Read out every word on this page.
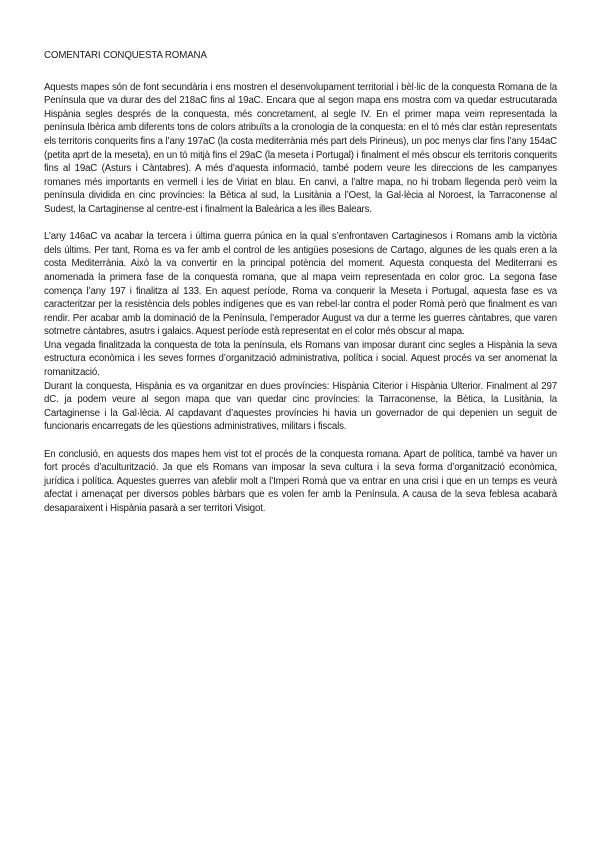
COMENTARI CONQUESTA ROMANA

Aquests mapes són de font secundària i ens mostren el desenvolupament territorial i bèl·lic de la conquesta Romana de la Península que va durar des del 218aC fins al 19aC. Encara que al segon mapa ens mostra com va quedar estrucutarada Hispània segles després de la conquesta, més concretament, al segle IV. En el primer mapa veim representada la península Ibèrica amb diferents tons de colors atribuïts a la cronologia de la conquesta: en el tó més clar estàn representats els territoris conquerits fins a l’any 197aC (la costa mediterrània més part dels Pirineus), un poc menys clar fins l’any 154aC (petita aprt de la meseta), en un tó mitjà fins el 29aC (la meseta i Portugal) i finalment el més obscur els territoris conquerits fins al 19aC (Asturs i Càntabres). A més d’aquesta informació, també podem veure les direccions de les campanyes romanes més importants en vermell i les de Viriat en blau. En canvi, a l’altre mapa, no hi trobam llegenda però veim la península dividida en cinc províncies: la Bètica al sud, la Lusitània a l’Oest, la Gal·lècia al Noroest, la Tarraconense al Sudest, la Cartaginense al centre-est i finalment la Baleàrica a les illes Balears.

L’any 146aC va acabar la tercera i última guerra púnica en la qual s’enfrontaven Cartaginesos i Romans amb la victòria dels últims. Per tant, Roma es va fer amb el control de les antigües posesions de Cartago, algunes de les quals eren a la costa Mediterrània. Això la va convertir en la principal potència del moment. Aquesta conquesta del Mediterrani es anomenada la primera fase de la conquesta romana, que al mapa veim representada en color groc. La segona fase comença l’any 197 i finalitza al 133. En aquest període, Roma va conquerir la Meseta i Portugal, aquesta fase es va caracteritzar per la resistència dels pobles indígenes que es van rebel·lar contra el poder Romà però que finalment es van rendir. Per acabar amb la dominació de la Península, l’emperador August va dur a terme les guerres càntabres, que varen sotmetre càntabres, asutrs i galaics. Aquest període està representat en el color més obscur al mapa.

Una vegada finalitzada la conquesta de tota la península, els Romans van imposar durant cinc segles a Hispània la seva estructura econòmica i les seves formes d’organització administrativa, política i social. Aquest procés va ser anomenat la romanització.

Durant la conquesta, Hispània es va organitzar en dues províncies: Hispània Citerior i Hispània Ulterior. Finalment al 297 dC. ja podem veure al segon mapa que van quedar cinc províncies: la Tarraconense, la Bètica, la Lusitània, la Cartaginense i la Gal·lècia. Al capdavant d’aquestes províncies hi havia un governador de qui depenien un seguit de funcionaris encarregats de les qüestions administratives, militars i fiscals.

En conclusió, en aquests dos mapes hem vist tot el procés de la conquesta romana. Apart de política, també va haver un fort procés d’aculturització. Ja que els Romans van imposar la seva cultura i la seva forma d’organització econòmica, jurídica i política. Aquestes guerres van afeblir molt a l’Imperi Romà que va entrar en una crisi i que en un temps es veurà afectat i amenaçat per diversos pobles bàrbars que es volen fer amb la Península. A causa de la seva feblesa acabarà desaparaixent i Hispània pasarà a ser territori Visigot.
